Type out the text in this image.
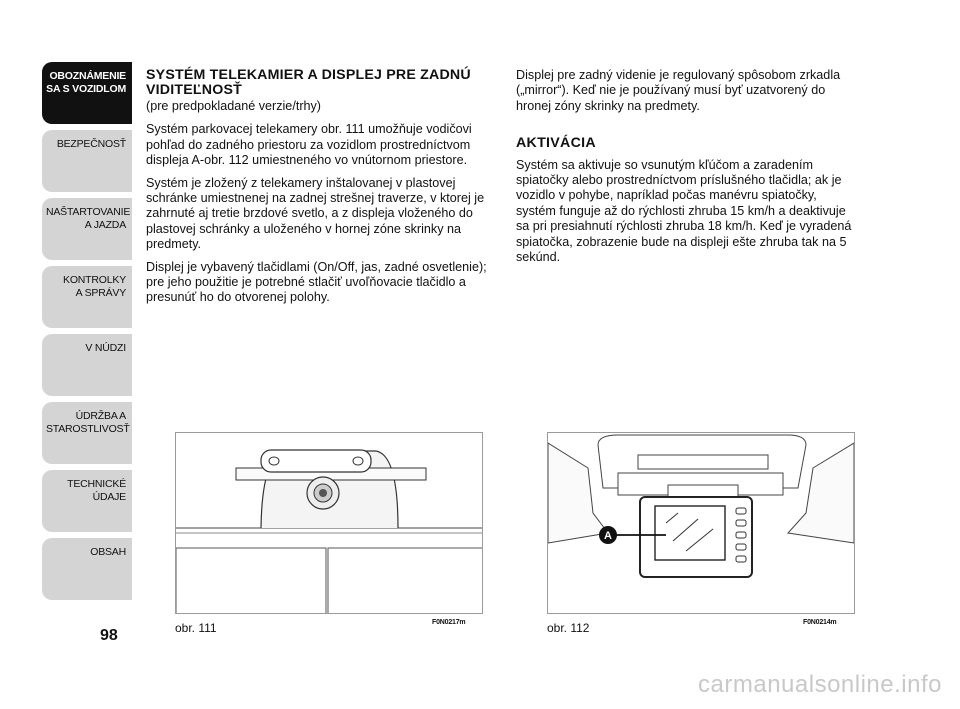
OBOZNÁMENIE
SA S VOZIDLOM
BEZPEČNOSŤ
NAŠTARTOVANIE
A JAZDA
KONTROLKY
A SPRÁVY
V NÚDZI
ÚDRŽBA A
STAROSTLIVOSŤ
TECHNICKÉ
ÚDAJE
OBSAH
98
SYSTÉM TELEKAMIER A DISPLEJ PRE ZADNÚ VIDITEĽNOSŤ
(pre predpokladané verzie/trhy)

Systém parkovacej telekamery obr. 111 umožňuje vodičovi pohľad do zadného priestoru za vozidlom prostredníctvom displeja A-obr. 112 umiestneného vo vnútornom priestore.

Systém je zložený z telekamery inštalovanej v plastovej schránke umiestnenej na zadnej strešnej traverze, v ktorej je zahrnuté aj tretie brzdové svetlo, a z displeja vloženého do plastovej schránky a uloženého v hornej zóne skrinky na predmety.

Displej je vybavený tlačidlami (On/Off, jas, zadné osvetlenie); pre jeho použitie je potrebné stlačiť uvoľňovacie tlačidlo a presunúť ho do otvorenej polohy.

Displej pre zadný videnie je regulovaný spôsobom zrkadla („mirror“). Keď nie je používaný musí byť uzatvorený do hronej zóny skrinky na predmety.

AKTIVÁCIA

Systém sa aktivuje so vsunutým kľúčom a zaradením spiatočky alebo prostredníctvom príslušného tlačidla; ak je vozidlo v pohybe, napríklad počas manévru spiatočky, systém funguje až do rýchlosti zhruba 15 km/h a deaktivuje sa pri presiahnutí rýchlosti zhruba 18 km/h. Keď je vyradená spiatočka, zobrazenie bude na displeji ešte zhruba tak na 5 sekúnd.

obr. 111	F0N0217m
A
obr. 112	F0N0214m
carmanualsonline.info
